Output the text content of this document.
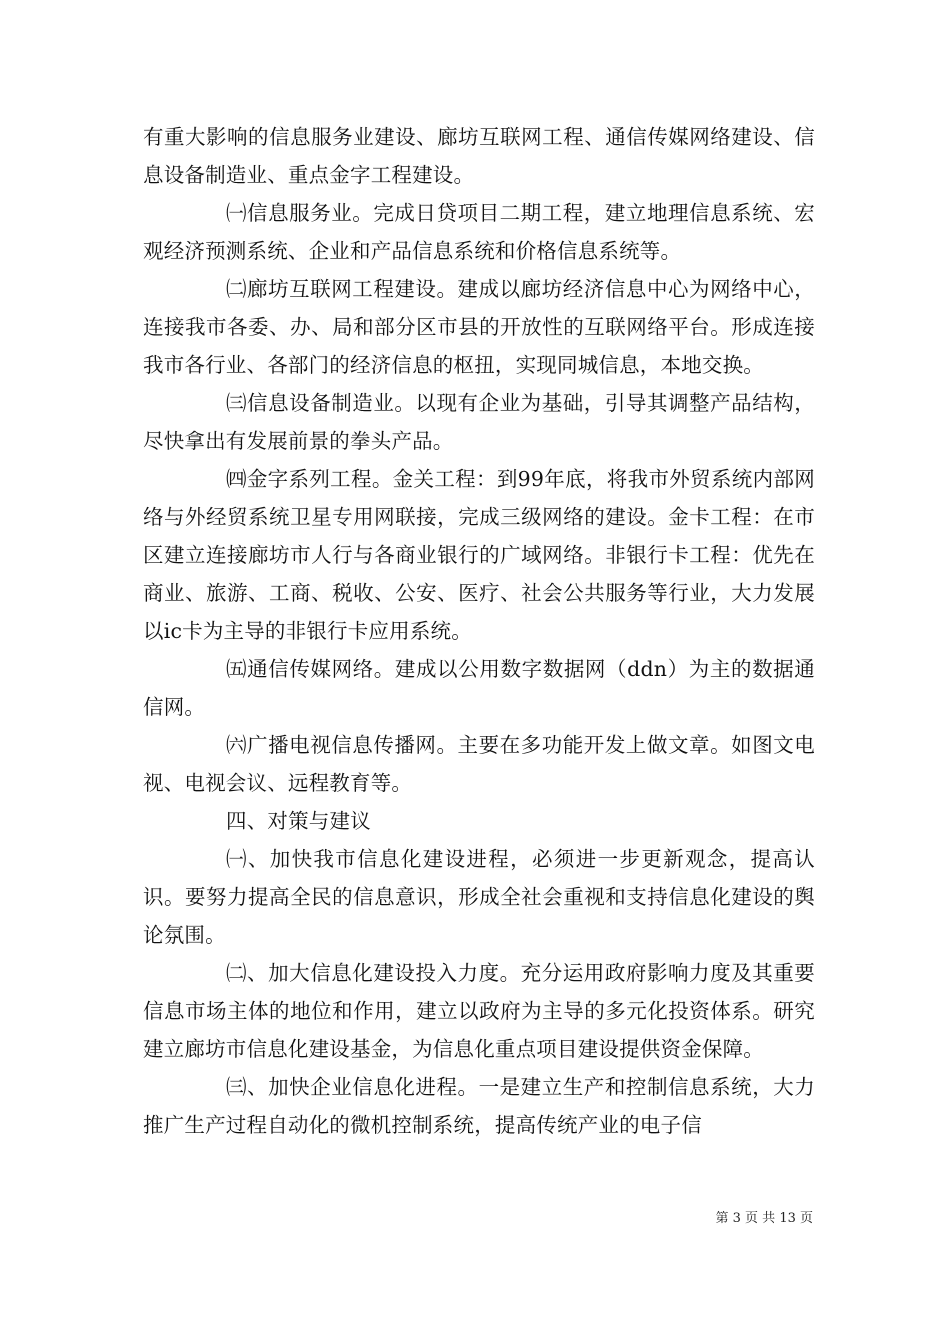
有重大影响的信息服务业建设、廊坊互联网工程、通信传媒网络建设、信息设备制造业、重点金字工程建设。

㈠信息服务业。完成日贷项目二期工程，建立地理信息系统、宏观经济预测系统、企业和产品信息系统和价格信息系统等。

㈡廊坊互联网工程建设。建成以廊坊经济信息中心为网络中心，连接我市各委、办、局和部分区市县的开放性的互联网络平台。形成连接我市各行业、各部门的经济信息的枢扭，实现同城信息，本地交换。

㈢信息设备制造业。以现有企业为基础，引导其调整产品结构，尽快拿出有发展前景的拳头产品。

㈣金字系列工程。金关工程：到99年底，将我市外贸系统内部网络与外经贸系统卫星专用网联接，完成三级网络的建设。金卡工程：在市区建立连接廊坊市人行与各商业银行的广域网络。非银行卡工程：优先在商业、旅游、工商、税收、公安、医疗、社会公共服务等行业，大力发展以ic卡为主导的非银行卡应用系统。

㈤通信传媒网络。建成以公用数字数据网（ddn）为主的数据通信网。

㈥广播电视信息传播网。主要在多功能开发上做文章。如图文电视、电视会议、远程教育等。

四、对策与建议

㈠、加快我市信息化建设进程，必须进一步更新观念，提高认识。要努力提高全民的信息意识，形成全社会重视和支持信息化建设的舆论氛围。

㈡、加大信息化建设投入力度。充分运用政府影响力度及其重要信息市场主体的地位和作用，建立以政府为主导的多元化投资体系。研究建立廊坊市信息化建设基金，为信息化重点项目建设提供资金保障。

㈢、加快企业信息化进程。一是建立生产和控制信息系统，大力推广生产过程自动化的微机控制系统，提高传统产业的电子信

第 3 页 共 13 页
